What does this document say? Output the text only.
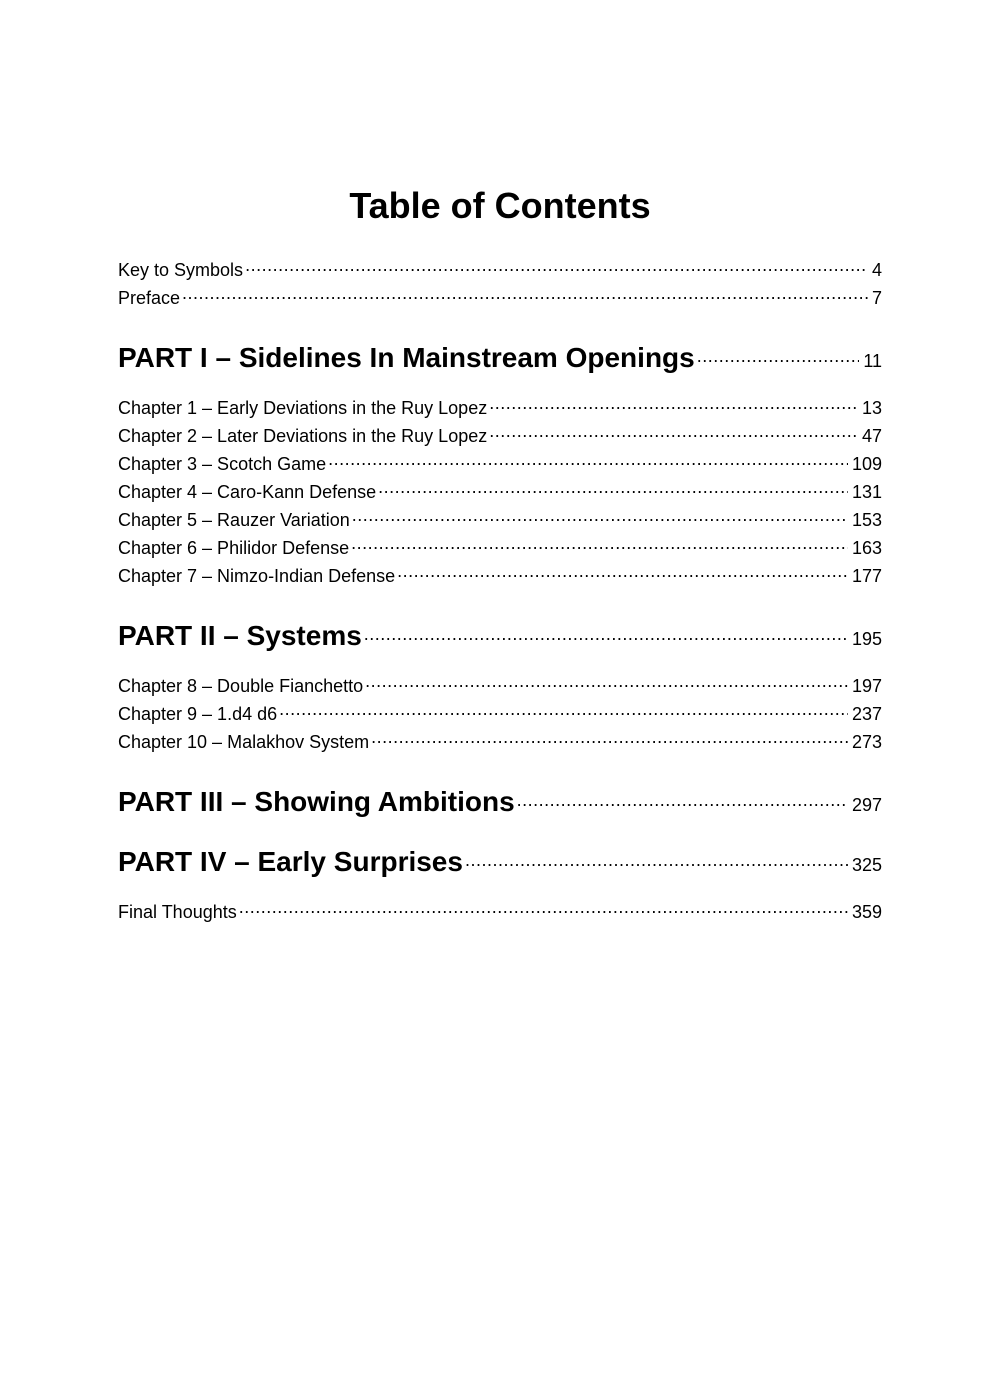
Table of Contents
Key to Symbols .....	4
Preface .....	7
PART I – Sidelines In Mainstream Openings .....	11
Chapter 1 – Early Deviations in the Ruy Lopez .....	13
Chapter 2 – Later Deviations in the Ruy Lopez .....	47
Chapter 3 – Scotch Game .....	109
Chapter 4 – Caro-Kann Defense .....	131
Chapter 5 – Rauzer Variation .....	153
Chapter 6 – Philidor Defense .....	163
Chapter 7 – Nimzo-Indian Defense .....	177
PART II – Systems .....	195
Chapter 8 – Double Fianchetto .....	197
Chapter 9 – 1.d4 d6 .....	237
Chapter 10 – Malakhov System .....	273
PART III – Showing Ambitions .....	297
PART IV – Early Surprises .....	325
Final Thoughts .....	359
